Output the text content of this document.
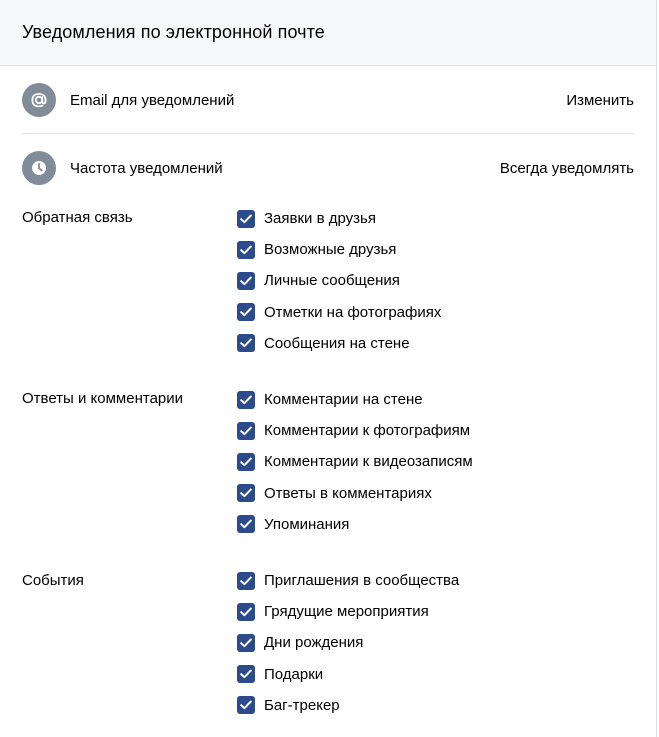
Уведомления по электронной почте
Email для уведомлений	Изменить
Частота уведомлений	Всегда уведомлять
Обратная связь	Заявки в друзья
Возможные друзья
Личные сообщения
Отметки на фотографиях
Сообщения на стене
Ответы и комментарии	Комментарии на стене
Комментарии к фотографиям
Комментарии к видеозаписям
Ответы в комментариях
Упоминания
События	Приглашения в сообщества
Грядущие мероприятия
Дни рождения
Подарки
Баг-трекер
